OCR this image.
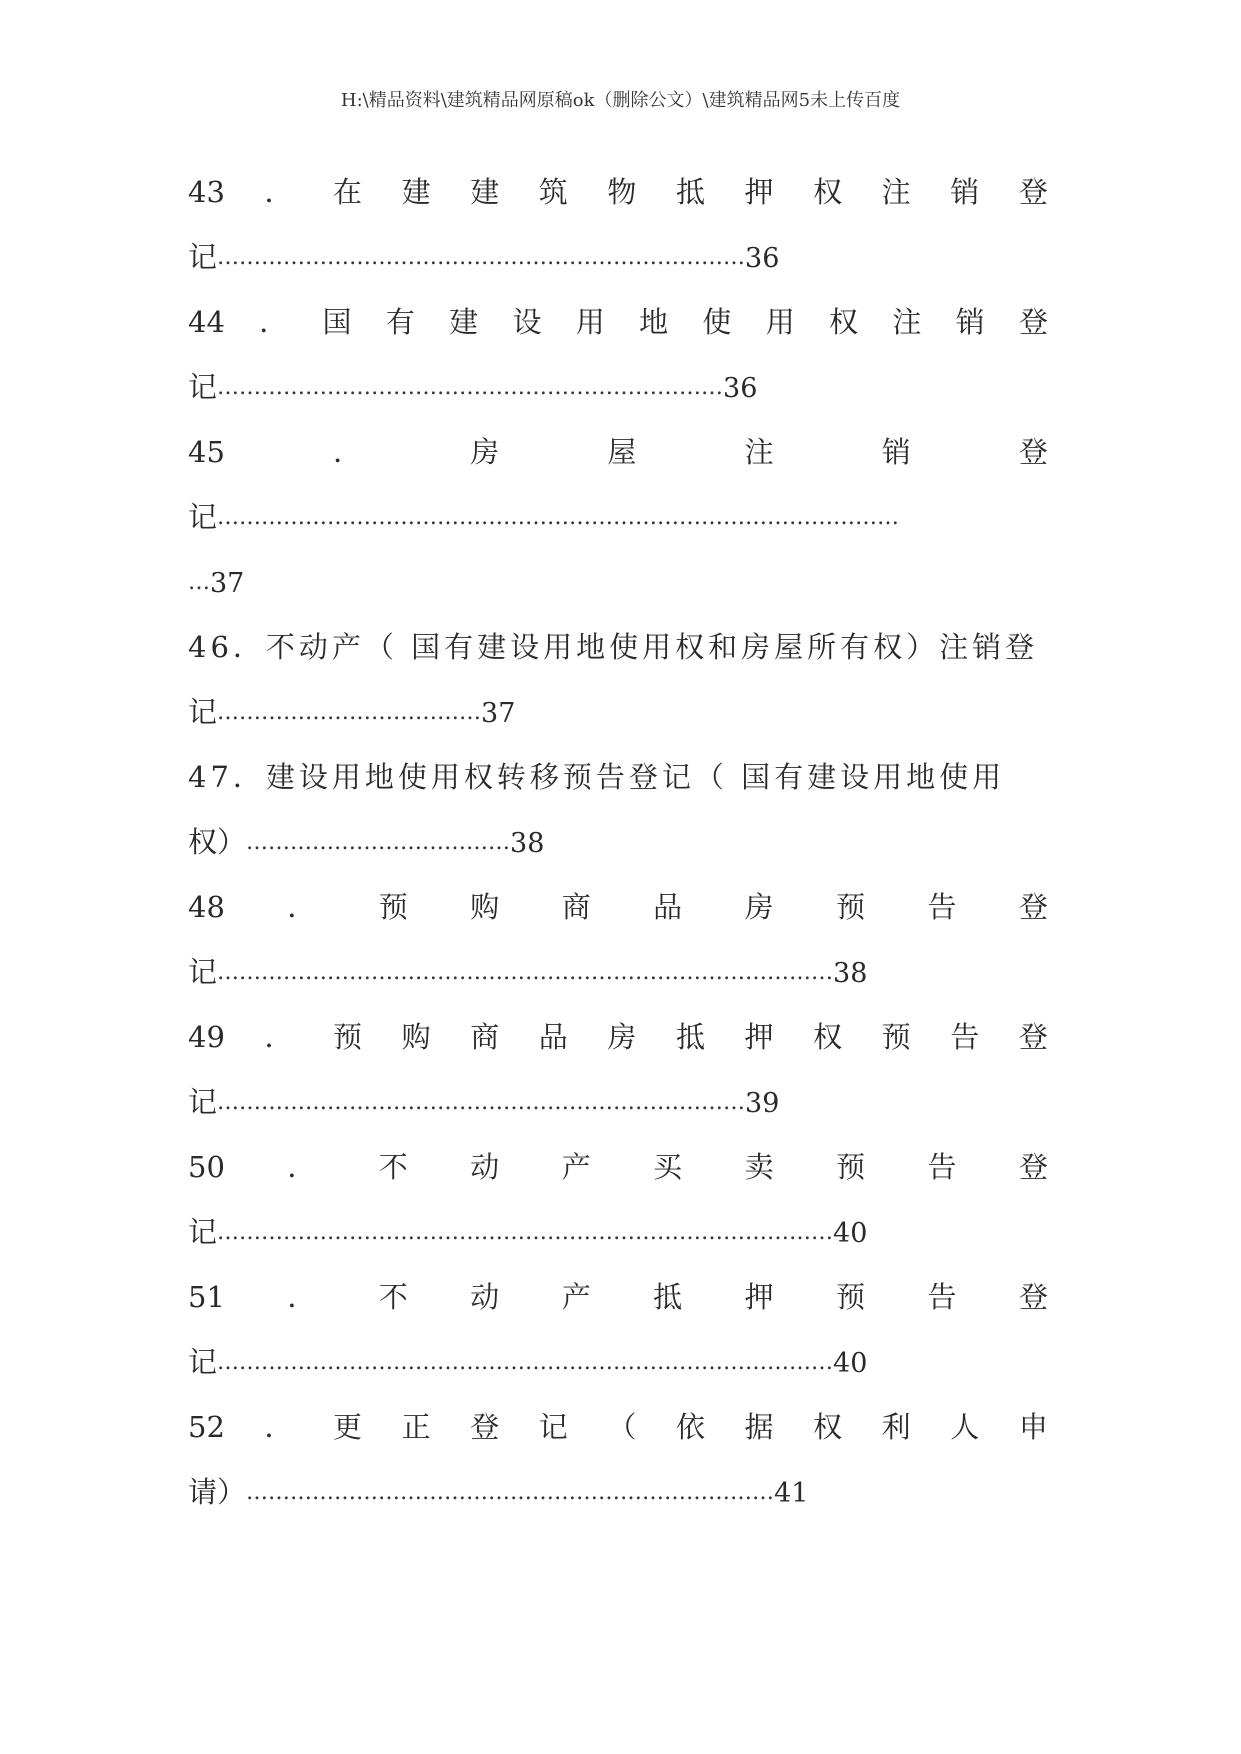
H:\精品资料\建筑精品网原稿ok（删除公文）\建筑精品网5未上传百度
43 ． 在 建 建 筑 物 抵 押 权 注 销 登
记………………………………………………………………36
44 ． 国 有 建 设 用 地 使 用 权 注 销 登
记……………………………………………………………36
45	．	房	屋	注	销	登
记…………………………………………………………………………………
…37
46．不动产（ 国有建设用地使用权和房屋所有权）注销登
记………………………………37
47．建设用地使用权转移预告登记（ 国有建设用地使用
权）………………………………38
48 ． 预 购 商 品 房 预 告 登
记…………………………………………………………………………38
49 ． 预 购 商 品 房 抵 押 权 预 告 登
记………………………………………………………………39
50 ． 不 动 产 买 卖 预 告 登
记…………………………………………………………………………40
51 ． 不 动 产 抵 押 预 告 登
记…………………………………………………………………………40
52 ． 更 正 登 记 （ 依 据 权 利 人 申
请）………………………………………………………………41
